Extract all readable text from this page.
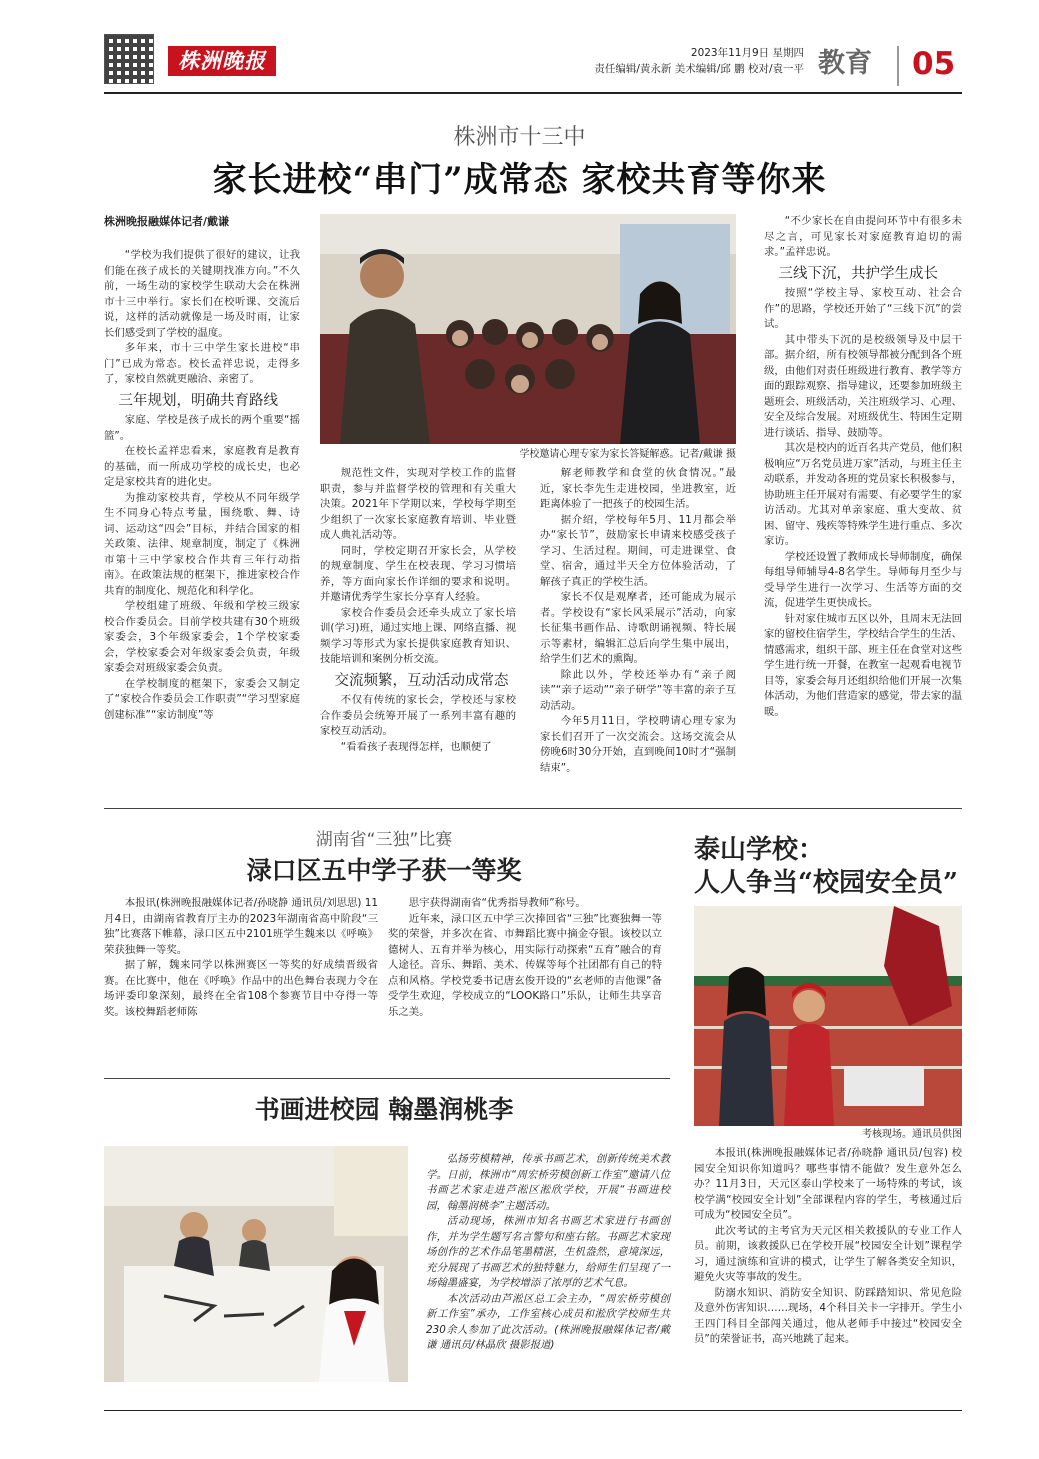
株洲晚报	2023年11月9日 星期四
责任编辑/黄永新 美术编辑/邱 鹏 校对/袁一平 教育 05
株洲市十三中
家长进校“串门”成常态 家校共育等你来
株洲晚报融媒体记者/戴谦

“学校为我们提供了很好的建议，让我们能在孩子成长的关键期找准方向。”不久前，一场生动的家校学生联动大会在株洲市十三中举行。家长们在校听课、交流后说，这样的活动就像是一场及时雨，让家长们感受到了学校的温度。

多年来，市十三中学生家长进校“串门”已成为常态。校长孟祥忠说，走得多了，家校自然就更融洽、亲密了。

三年规划，明确共育路线

家庭、学校是孩子成长的两个重要“摇篮”。

在校长孟祥忠看来，家庭教育是教育的基础，而一所成功学校的成长史，也必定是家校共育的进化史。

为推动家校共育，学校从不同年级学生不同身心特点考量，围绕歌、舞、诗词、运动这“四会”目标，并结合国家的相关政策、法律、规章制度，制定了《株洲市第十三中学家校合作共育三年行动指南》。在政策法规的框架下，推进家校合作共育的制度化、规范化和科学化。

学校组建了班级、年级和学校三级家校合作委员会。目前学校共建有30个班级家委会，3个年级家委会，1个学校家委会，学校家委会对年级家委会负责，年级家委会对班级家委会负责。

在学校制度的框架下，家委会又制定了“家校合作委员会工作职责”“学习型家庭创建标准”“家访制度”等

学校邀请心理专家为家长答疑解惑。记者/戴谦 摄

规范性文件，实现对学校工作的监督职责，参与并监督学校的管理和有关重大决策。2021年下学期以来，学校每学期至少组织了一次家长家庭教育培训、毕业暨成人典礼活动等。

同时，学校定期召开家长会，从学校的规章制度、学生在校表现、学习习惯培养，等方面向家长作详细的要求和说明。并邀请优秀学生家长分享育人经验。

家校合作委员会还牵头成立了家长培训(学习)班，通过实地上课、网络直播、视频学习等形式为家长提供家庭教育知识、技能培训和案例分析交流。

交流频繁，互动活动成常态

不仅有传统的家长会，学校还与家校合作委员会统筹开展了一系列丰富有趣的家校互动活动。

“看看孩子表现得怎样，也顺便了

解老师教学和食堂的伙食情况。”最近，家长李先生走进校园，坐进教室，近距离体验了一把孩子的校园生活。

据介绍，学校每年5月、11月都会举办“家长节”，鼓励家长申请来校感受孩子学习、生活过程。期间，可走进课堂、食堂、宿舍，通过半天全方位体验活动，了解孩子真正的学校生活。

家长不仅是观摩者，还可能成为展示者。学校设有“家长风采展示”活动，向家长征集书画作品、诗歌朗诵视频、特长展示等素材，编辑汇总后向学生集中展出，给学生们艺术的熏陶。

除此以外，学校还举办有“亲子阅读”“亲子运动”“亲子研学”等丰富的亲子互动活动。

今年5月11日，学校聘请心理专家为家长们召开了一次交流会。这场交流会从傍晚6时30分开始，直到晚间10时才“强制结束”。

“不少家长在自由提问环节中有很多未尽之言，可见家长对家庭教育迫切的需求。”孟祥忠说。

三线下沉，共护学生成长

按照“学校主导、家校互动、社会合作”的思路，学校还开始了“三线下沉”的尝试。

其中带头下沉的是校级领导及中层干部。据介绍，所有校领导都被分配到各个班级，由他们对责任班级进行教育、教学等方面的跟踪观察、指导建议，还要参加班级主题班会、班级活动，关注班级学习、心理、安全及综合发展。对班级优生、特困生定期进行谈话、指导、鼓励等。

其次是校内的近百名共产党员，他们积极响应“万名党员进万家”活动，与班主任主动联系，并发动各班的党员家长积极参与，协助班主任开展对有需要、有必要学生的家访活动。尤其对单亲家庭、重大变故、贫困、留守、残疾等特殊学生进行重点、多次家访。

学校还设置了教师成长导师制度，确保每组导师辅导4-8名学生。导师每月至少与受导学生进行一次学习、生活等方面的交流，促进学生更快成长。

针对家住城市五区以外，且周末无法回家的留校住宿学生，学校结合学生的生活、情感需求，组织干部、班主任在食堂对这些学生进行统一开餐，在教室一起观看电视节目等，家委会每月还组织给他们开展一次集体活动，为他们营造家的感觉，带去家的温暖。

湖南省“三独”比赛
渌口区五中学子获一等奖

本报讯(株洲晚报融媒体记者/孙晓静 通讯员/刘思思) 11月4日，由湖南省教育厅主办的2023年湖南省高中阶段“三独”比赛落下帷幕，渌口区五中2101班学生魏来以《呼唤》荣获独舞一等奖。

据了解，魏来同学以株洲赛区一等奖的好成绩晋级省赛。在比赛中，他在《呼唤》作品中的出色舞台表现力令在场评委印象深刻，最终在全省108个参赛节目中夺得一等奖。该校舞蹈老师陈

思宇获得湖南省“优秀指导教师”称号。

近年来，渌口区五中学三次捧回省“三独”比赛独舞一等奖的荣誉，并多次在省、市舞蹈比赛中摘金夺银。该校以立德树人、五育并举为核心，用实际行动探索“五育”融合的育人途径。音乐、舞蹈、美术、传媒等每个社团都有自己的特点和风格。学校党委书记唐玄俊开设的“玄老师的吉他课”备受学生欢迎，学校成立的“LOOK路口”乐队，让师生共享音乐之美。

泰山学校：
人人争当“校园安全员”
考核现场。通讯员供图

本报讯(株洲晚报融媒体记者/孙晓静 通讯员/包容) 校园安全知识你知道吗？哪些事情不能做？发生意外怎么办？11月3日，天元区泰山学校来了一场特殊的考试，该校学满“校园安全计划”全部课程内容的学生，考核通过后可成为“校园安全员”。

此次考试的主考官为天元区相关救援队的专业工作人员。前期，该救援队已在学校开展“校园安全计划”课程学习，通过演练和宣讲的模式，让学生了解各类安全知识，避免火灾等事故的发生。

防溺水知识、消防安全知识、防踩踏知识、常见危险及意外伤害知识……现场，4个科目关卡一字排开。学生小王四门科目全部闯关通过，他从老师手中接过“校园安全员”的荣誉证书，高兴地跳了起来。

书画进校园 翰墨润桃李

弘扬劳模精神，传承书画艺术，创新传统美术教学。日前，株洲市“周宏桥劳模创新工作室”邀请八位书画艺术家走进芦淞区淞欣学校，开展“书画进校园，翰墨润桃李”主题活动。

活动现场，株洲市知名书画艺术家进行书画创作，并为学生题写名言警句和座右铭。书画艺术家现场创作的艺术作品笔墨精湛，生机盎然，意境深远，充分展现了书画艺术的独特魅力，给师生们呈现了一场翰墨盛宴，为学校增添了浓厚的艺术气息。

本次活动由芦淞区总工会主办，“周宏桥劳模创新工作室”承办，工作室核心成员和淞欣学校师生共230余人参加了此次活动。(株洲晚报融媒体记者/戴谦 通讯员/林晶欣 摄影报道)
